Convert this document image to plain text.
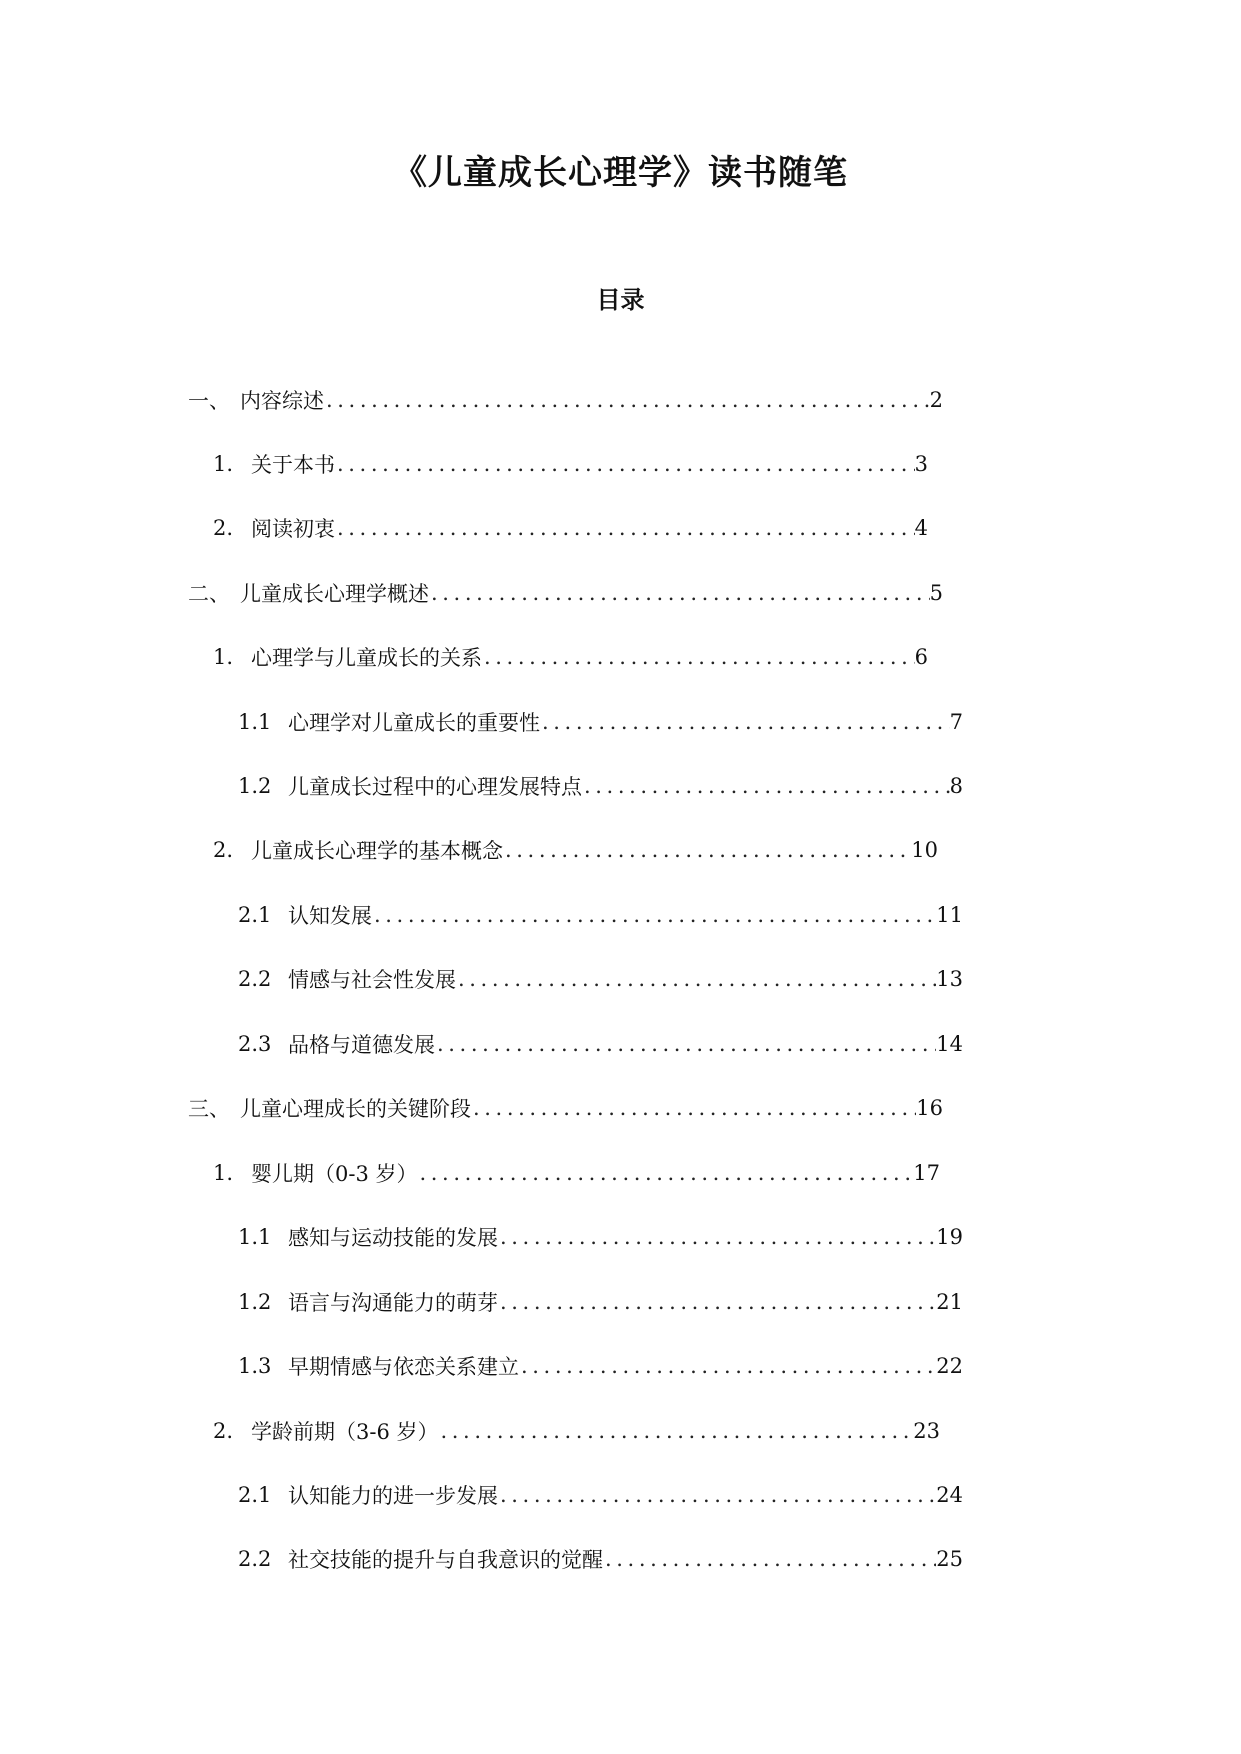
《儿童成长心理学》读书随笔
目录
一、 内容综述 .....	2
1. 关于本书 .....	3
2. 阅读初衷 .....	4
二、 儿童成长心理学概述 .....	5
1. 心理学与儿童成长的关系 .....	6
1.1 心理学对儿童成长的重要性 .....	7
1.2 儿童成长过程中的心理发展特点 .....	8
2. 儿童成长心理学的基本概念 .....	10
2.1 认知发展 .....	11
2.2 情感与社会性发展 .....	13
2.3 品格与道德发展 .....	14
三、 儿童心理成长的关键阶段 .....	16
1. 婴儿期（0-3 岁） .....	17
1.1 感知与运动技能的发展 .....	19
1.2 语言与沟通能力的萌芽 .....	21
1.3 早期情感与依恋关系建立 .....	22
2. 学龄前期（3-6 岁） .....	23
2.1 认知能力的进一步发展 .....	24
2.2 社交技能的提升与自我意识的觉醒 .....	25
